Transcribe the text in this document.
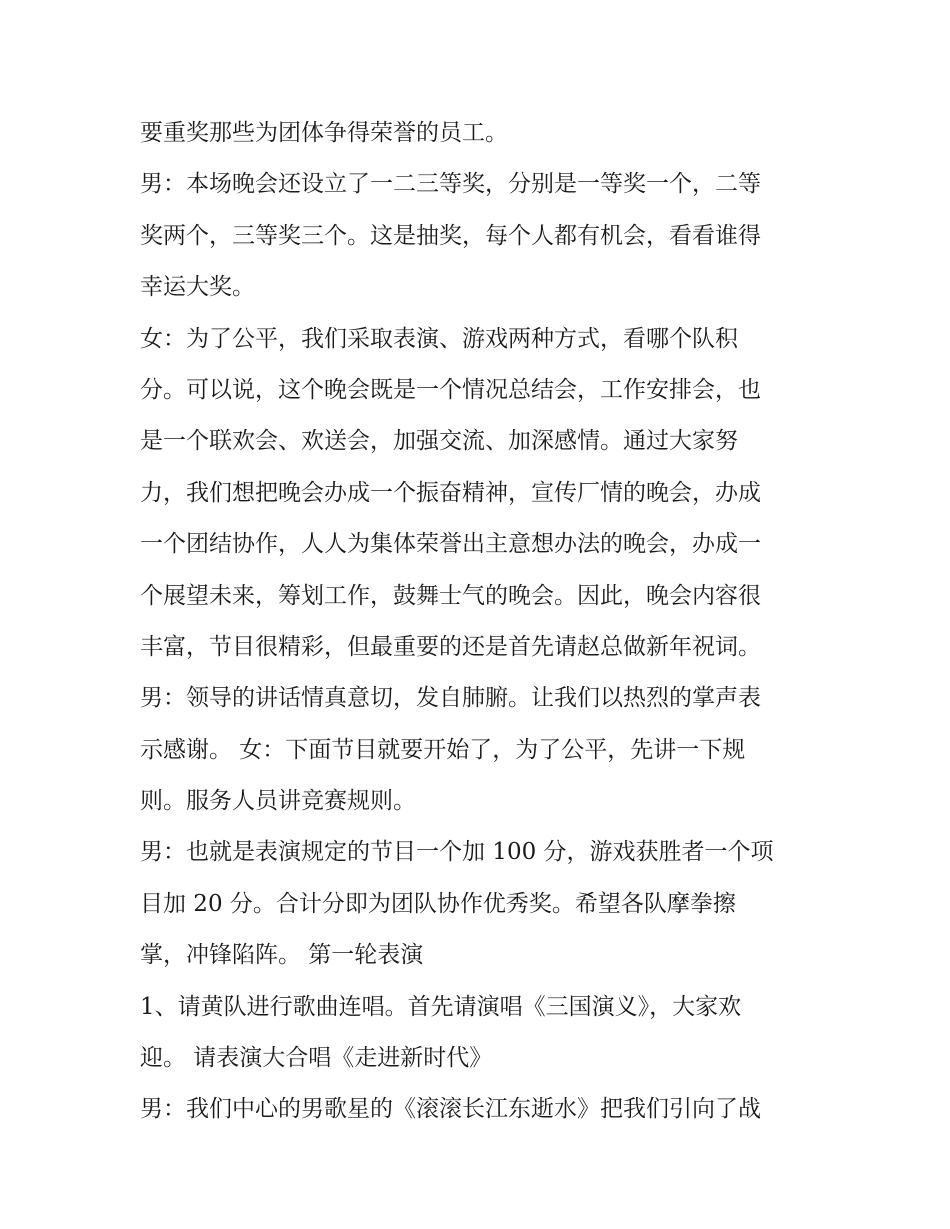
要重奖那些为团体争得荣誉的员工。
男：本场晚会还设立了一二三等奖，分别是一等奖一个，二等
奖两个，三等奖三个。这是抽奖，每个人都有机会，看看谁得
幸运大奖。
女：为了公平，我们采取表演、游戏两种方式，看哪个队积
分。可以说，这个晚会既是一个情况总结会，工作安排会，也
是一个联欢会、欢送会，加强交流、加深感情。通过大家努
力，我们想把晚会办成一个振奋精神，宣传厂情的晚会，办成
一个团结协作，人人为集体荣誉出主意想办法的晚会，办成一
个展望未来，筹划工作，鼓舞士气的晚会。因此，晚会内容很
丰富，节目很精彩，但最重要的还是首先请赵总做新年祝词。
男：领导的讲话情真意切，发自肺腑。让我们以热烈的掌声表
示感谢。 女：下面节目就要开始了，为了公平，先讲一下规
则。服务人员讲竞赛规则。
男：也就是表演规定的节目一个加 100 分，游戏获胜者一个项
目加 20 分。合计分即为团队协作优秀奖。希望各队摩拳擦
掌，冲锋陷阵。 第一轮表演
1、请黄队进行歌曲连唱。首先请演唱《三国演义》，大家欢
迎。 请表演大合唱《走进新时代》
男：我们中心的男歌星的《滚滚长江东逝水》把我们引向了战
